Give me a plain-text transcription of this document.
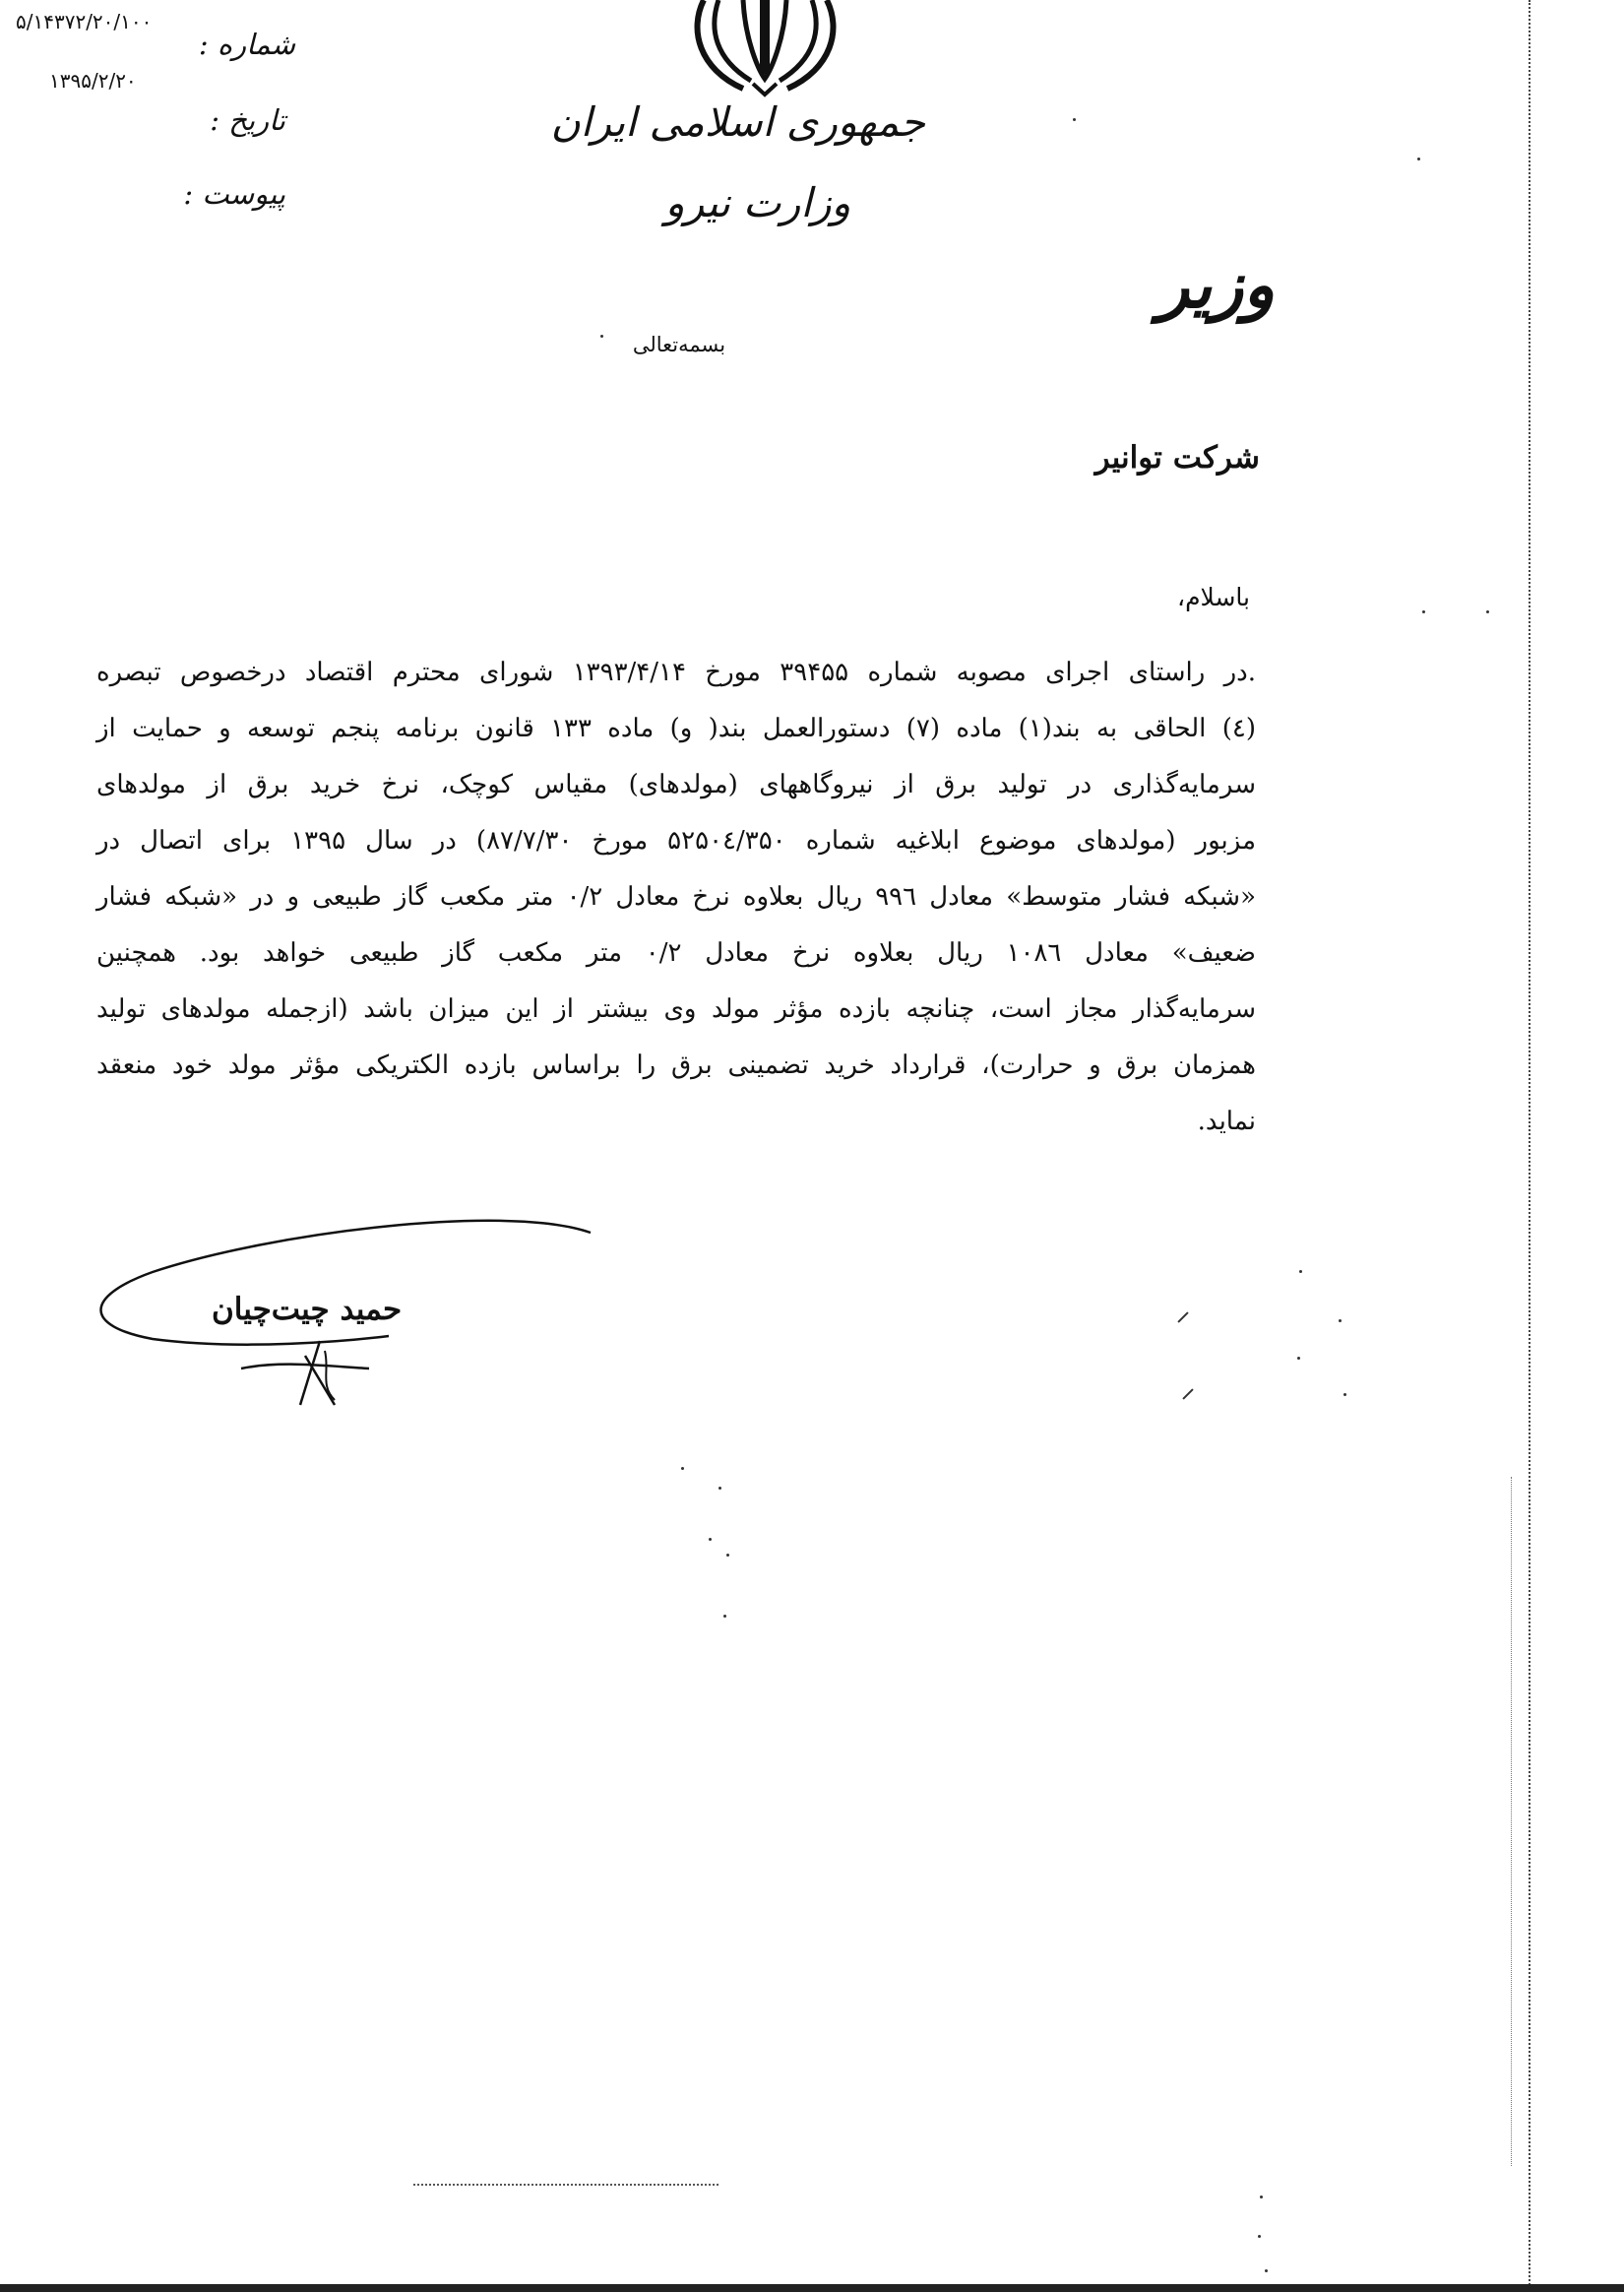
۵/۱۴۳۷۲/۲۰/۱۰۰
۱۳۹۵/۲/۲۰
شماره :
تاریخ :
پیوست :
جمهوری اسلامی ایران
وزارت نیرو
وزیر
بسمه‌تعالی
شرکت توانیر
باسلام،
.در راستای اجرای مصوبه شماره ۳۹۴۵۵ مورخ ۱۳۹۳/۴/۱۴ شورای محترم اقتصاد درخصوص تبصره
(٤) الحاقی به بند(۱) ماده (۷) دستورالعمل بند( و) ماده ۱۳۳ قانون برنامه پنجم توسعه و حمایت از
سرمایه‌گذاری در تولید برق از نیروگاههای (مولدهای) مقیاس کوچک، نرخ خرید برق از مولدهای
مزبور (مولدهای موضوع ابلاغیه شماره ۵۲۵۰٤/۳۵۰ مورخ ۸۷/۷/۳۰) در سال ۱۳۹۵ برای اتصال در
«شبکه فشار متوسط» معادل ۹۹٦ ریال بعلاوه نرخ معادل ۰/۲ متر مکعب گاز طبیعی و در «شبکه فشار
ضعیف» معادل ۱۰۸٦ ریال بعلاوه نرخ معادل ۰/۲ متر مکعب گاز طبیعی خواهد بود. همچنین
سرمایه‌گذار مجاز است، چنانچه بازده مؤثر مولد وی بیشتر از این میزان باشد (ازجمله مولدهای تولید
همزمان برق و حرارت)، قرارداد خرید تضمینی برق را براساس بازده الکتریکی مؤثر مولد خود منعقد
نماید.
حمید چیت‌چیان
